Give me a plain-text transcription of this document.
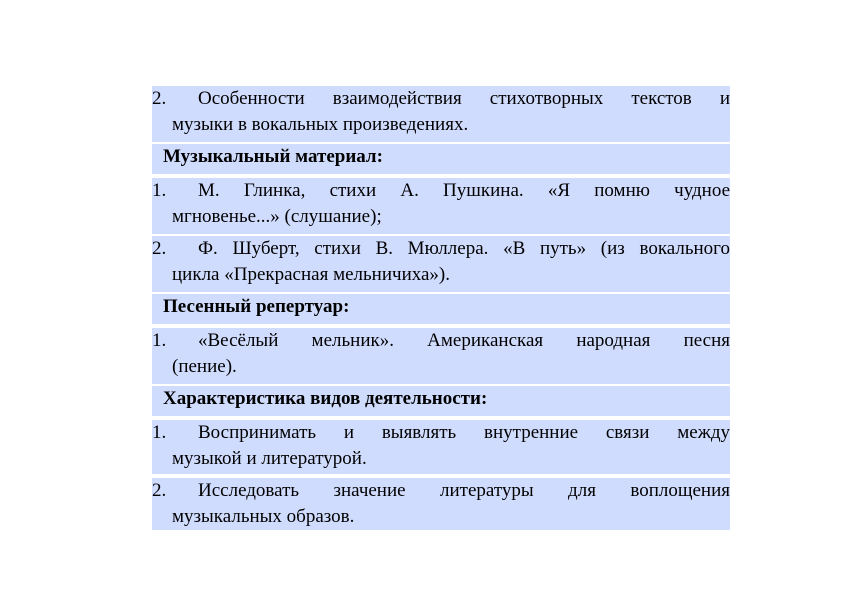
2. Особенности взаимодействия стихотворных текстов и
музыки в вокальных произведениях.
Музыкальный материал:
1. М. Глинка, стихи А. Пушкина. «Я помню чудное
мгновенье...» (слушание);
2. Ф. Шуберт, стихи В. Мюллера. «В путь» (из вокального
цикла «Прекрасная мельничиха»).
Песенный репертуар:
1. «Весёлый мельник». Американская народная песня
(пение).
Характеристика видов деятельности:
1. Воспринимать и выявлять внутренние связи между
музыкой и литературой.
2. Исследовать значение литературы для воплощения
музыкальных образов.
